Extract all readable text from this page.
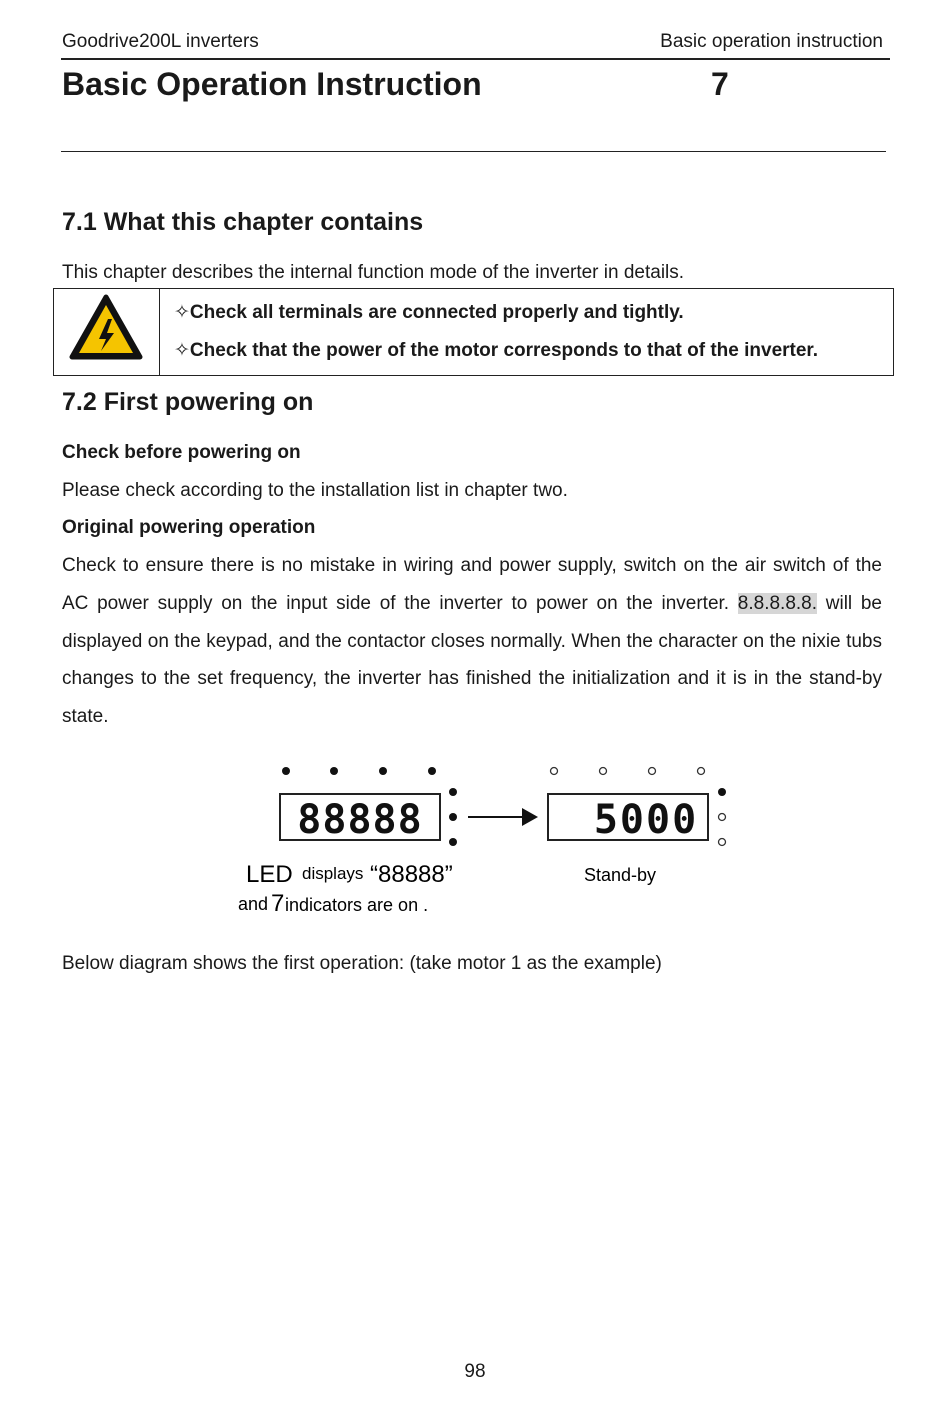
Goodrive200L inverters	Basic operation instruction
Basic Operation Instruction	7
7.1 What this chapter contains
This chapter describes the internal function mode of the inverter in details.
✧Check all terminals are connected properly and tightly.
✧Check that the power of the motor corresponds to that of the inverter.
7.2 First powering on
Check before powering on
Please check according to the installation list in chapter two.
Original powering operation
Check to ensure there is no mistake in wiring and power supply, switch on the air switch of the AC power supply on the input side of the inverter to power on the inverter. 8.8.8.8.8. will be displayed on the keypad, and the contactor closes normally. When the character on the nixie tubs changes to the set frequency, the inverter has finished the initialization and it is in the stand-by state.
88888	5000
LED displays “88888”
and 7 indicators are on .
Stand-by
Below diagram shows the first operation: (take motor 1 as the example)
98
